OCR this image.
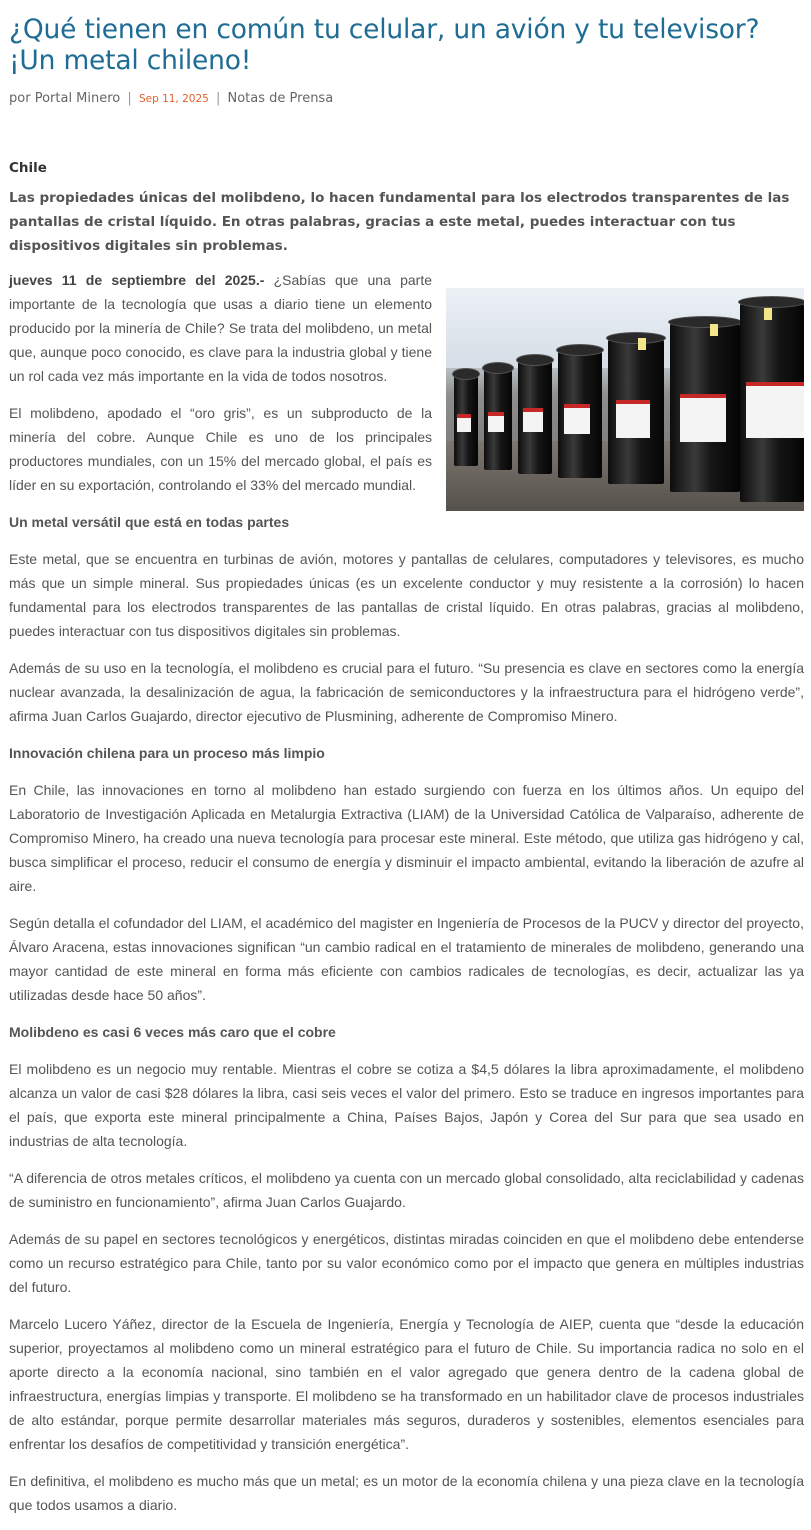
¿Qué tienen en común tu celular, un avión y tu televisor? ¡Un metal chileno!
por Portal Minero | Sep 11, 2025 | Notas de Prensa
Chile
Las propiedades únicas del molibdeno, lo hacen fundamental para los electrodos transparentes de las pantallas de cristal líquido. En otras palabras, gracias a este metal, puedes interactuar con tus dispositivos digitales sin problemas.

jueves 11 de septiembre del 2025.- ¿Sabías que una parte importante de la tecnología que usas a diario tiene un elemento producido por la minería de Chile? Se trata del molibdeno, un metal que, aunque poco conocido, es clave para la industria global y tiene un rol cada vez más importante en la vida de todos nosotros.

El molibdeno, apodado el “oro gris”, es un subproducto de la minería del cobre. Aunque Chile es uno de los principales productores mundiales, con un 15% del mercado global, el país es líder en su exportación, controlando el 33% del mercado mundial.

Un metal versátil que está en todas partes

Este metal, que se encuentra en turbinas de avión, motores y pantallas de celulares, computadores y televisores, es mucho más que un simple mineral. Sus propiedades únicas (es un excelente conductor y muy resistente a la corrosión) lo hacen fundamental para los electrodos transparentes de las pantallas de cristal líquido. En otras palabras, gracias al molibdeno, puedes interactuar con tus dispositivos digitales sin problemas.

Además de su uso en la tecnología, el molibdeno es crucial para el futuro. “Su presencia es clave en sectores como la energía nuclear avanzada, la desalinización de agua, la fabricación de semiconductores y la infraestructura para el hidrógeno verde”, afirma Juan Carlos Guajardo, director ejecutivo de Plusmining, adherente de Compromiso Minero.

Innovación chilena para un proceso más limpio

En Chile, las innovaciones en torno al molibdeno han estado surgiendo con fuerza en los últimos años. Un equipo del Laboratorio de Investigación Aplicada en Metalurgia Extractiva (LIAM) de la Universidad Católica de Valparaíso, adherente de Compromiso Minero, ha creado una nueva tecnología para procesar este mineral. Este método, que utiliza gas hidrógeno y cal, busca simplificar el proceso, reducir el consumo de energía y disminuir el impacto ambiental, evitando la liberación de azufre al aire.

Según detalla el cofundador del LIAM, el académico del magister en Ingeniería de Procesos de la PUCV y director del proyecto, Álvaro Aracena, estas innovaciones significan “un cambio radical en el tratamiento de minerales de molibdeno, generando una mayor cantidad de este mineral en forma más eficiente con cambios radicales de tecnologías, es decir, actualizar las ya utilizadas desde hace 50 años”.

Molibdeno es casi 6 veces más caro que el cobre

El molibdeno es un negocio muy rentable. Mientras el cobre se cotiza a $4,5 dólares la libra aproximadamente, el molibdeno alcanza un valor de casi $28 dólares la libra, casi seis veces el valor del primero. Esto se traduce en ingresos importantes para el país, que exporta este mineral principalmente a China, Países Bajos, Japón y Corea del Sur para que sea usado en industrias de alta tecnología.

“A diferencia de otros metales críticos, el molibdeno ya cuenta con un mercado global consolidado, alta reciclabilidad y cadenas de suministro en funcionamiento”, afirma Juan Carlos Guajardo.

Además de su papel en sectores tecnológicos y energéticos, distintas miradas coinciden en que el molibdeno debe entenderse como un recurso estratégico para Chile, tanto por su valor económico como por el impacto que genera en múltiples industrias del futuro.

Marcelo Lucero Yáñez, director de la Escuela de Ingeniería, Energía y Tecnología de AIEP, cuenta que “desde la educación superior, proyectamos al molibdeno como un mineral estratégico para el futuro de Chile. Su importancia radica no solo en el aporte directo a la economía nacional, sino también en el valor agregado que genera dentro de la cadena global de infraestructura, energías limpias y transporte. El molibdeno se ha transformado en un habilitador clave de procesos industriales de alto estándar, porque permite desarrollar materiales más seguros, duraderos y sostenibles, elementos esenciales para enfrentar los desafíos de competitividad y transición energética”.

En definitiva, el molibdeno es mucho más que un metal; es un motor de la economía chilena y una pieza clave en la tecnología que todos usamos a diario.
